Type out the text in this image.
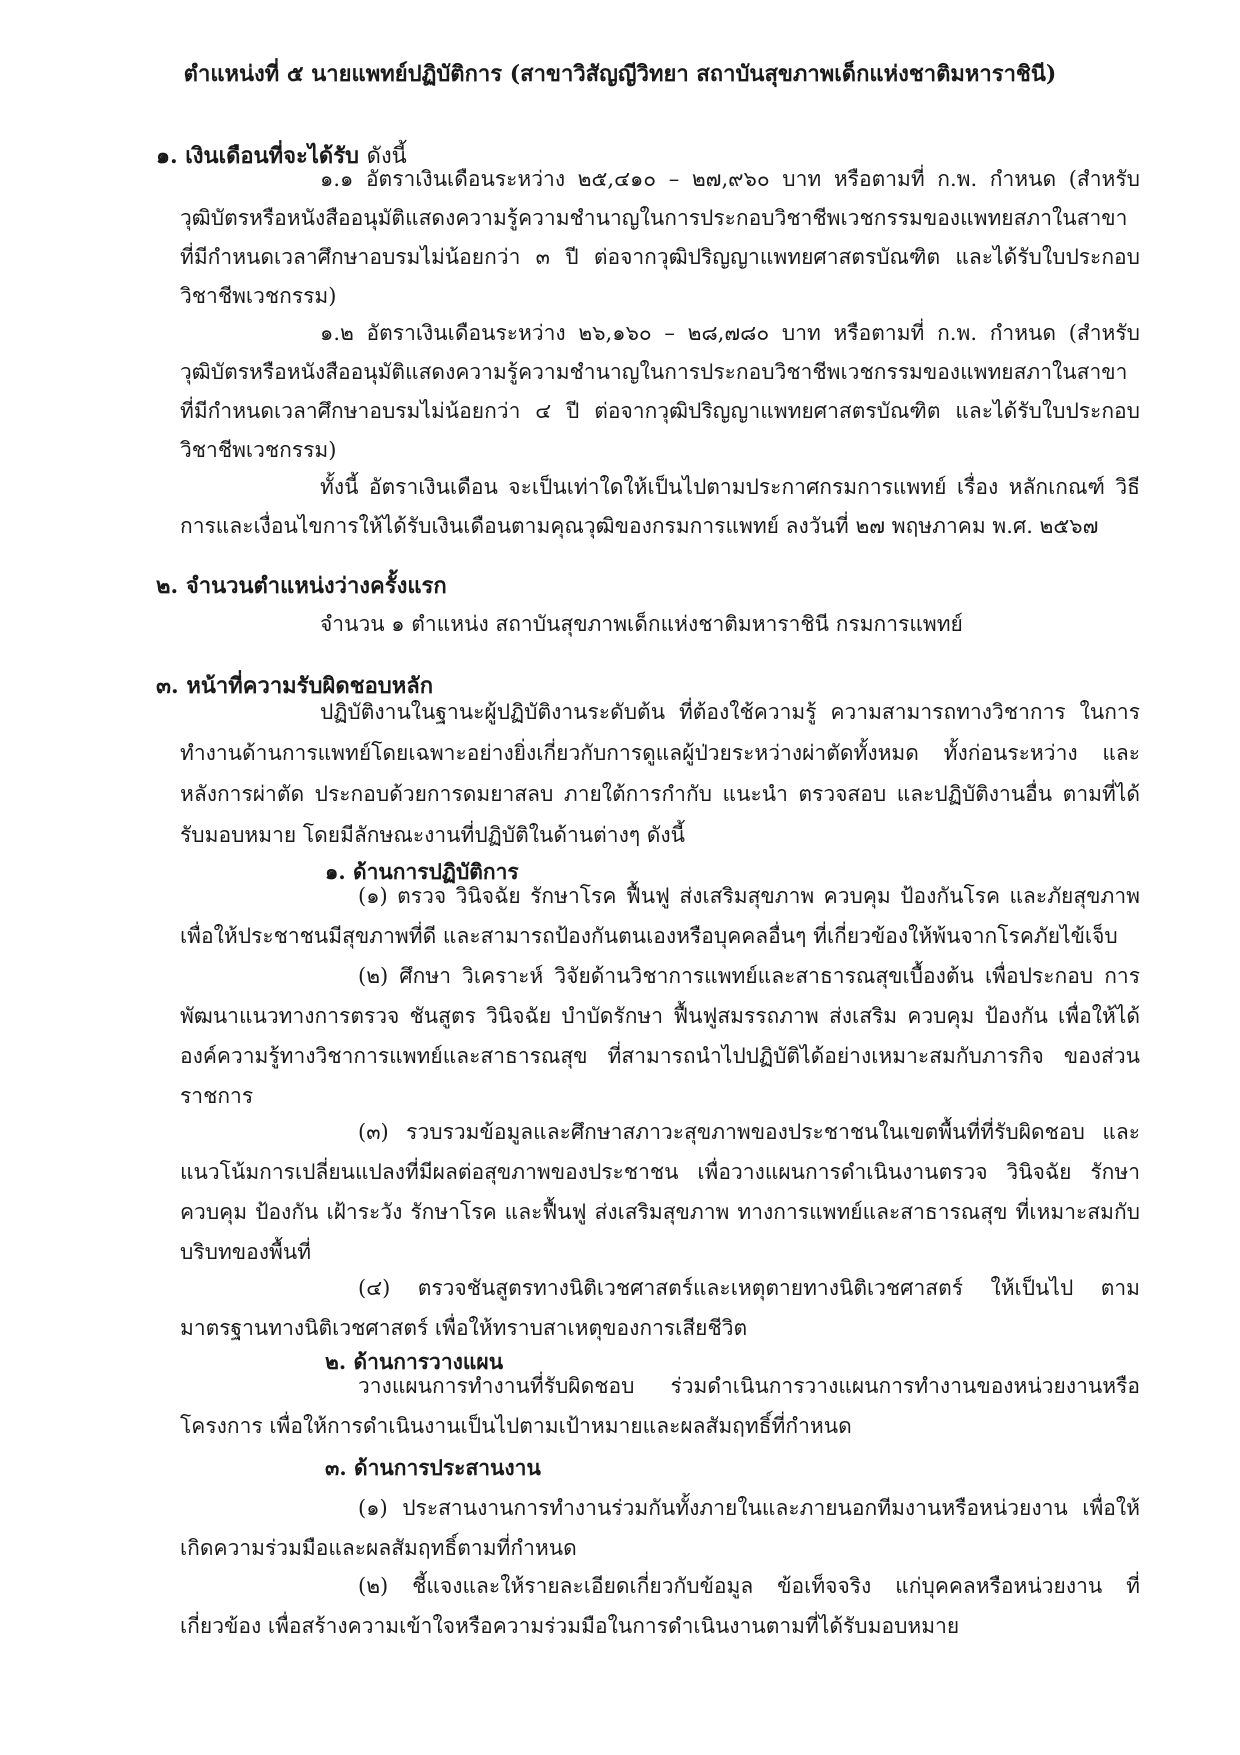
ตำแหน่งที่ ๕ นายแพทย์ปฏิบัติการ (สาขาวิสัญญีวิทยา สถาบันสุขภาพเด็กแห่งชาติมหาราชินี)
๑. เงินเดือนที่จะได้รับ ดังนี้
๑.๑ อัตราเงินเดือนระหว่าง ๒๕,๔๑๐ – ๒๗,๙๖๐ บาท หรือตามที่ ก.พ. กำหนด (สำหรับวุฒิบัตรหรือหนังสืออนุมัติแสดงความรู้ความชำนาญในการประกอบวิชาชีพเวชกรรมของแพทยสภาในสาขาที่มีกำหนดเวลาศึกษาอบรมไม่น้อยกว่า ๓ ปี ต่อจากวุฒิปริญญาแพทยศาสตรบัณฑิต และได้รับใบประกอบวิชาชีพเวชกรรม)
๑.๒ อัตราเงินเดือนระหว่าง ๒๖,๑๖๐ – ๒๘,๗๘๐ บาท หรือตามที่ ก.พ. กำหนด (สำหรับวุฒิบัตรหรือหนังสืออนุมัติแสดงความรู้ความชำนาญในการประกอบวิชาชีพเวชกรรมของแพทยสภาในสาขาที่มีกำหนดเวลาศึกษาอบรมไม่น้อยกว่า ๔ ปี ต่อจากวุฒิปริญญาแพทยศาสตรบัณฑิต และได้รับใบประกอบวิชาชีพเวชกรรม)
ทั้งนี้ อัตราเงินเดือน จะเป็นเท่าใดให้เป็นไปตามประกาศกรมการแพทย์ เรื่อง หลักเกณฑ์ วิธีการและเงื่อนไขการให้ได้รับเงินเดือนตามคุณวุฒิของกรมการแพทย์ ลงวันที่ ๒๗ พฤษภาคม พ.ศ. ๒๕๖๗
๒. จำนวนตำแหน่งว่างครั้งแรก
จำนวน ๑ ตำแหน่ง สถาบันสุขภาพเด็กแห่งชาติมหาราชินี กรมการแพทย์
๓. หน้าที่ความรับผิดชอบหลัก
ปฏิบัติงานในฐานะผู้ปฏิบัติงานระดับต้น ที่ต้องใช้ความรู้ ความสามารถทางวิชาการ ในการทำงานด้านการแพทย์โดยเฉพาะอย่างยิ่งเกี่ยวกับการดูแลผู้ป่วยระหว่างผ่าตัดทั้งหมด ทั้งก่อนระหว่าง และหลังการผ่าตัด ประกอบด้วยการดมยาสลบ ภายใต้การกำกับ แนะนำ ตรวจสอบ และปฏิบัติงานอื่น ตามที่ได้รับมอบหมาย โดยมีลักษณะงานที่ปฏิบัติในด้านต่างๆ ดังนี้
๑. ด้านการปฏิบัติการ
(๑) ตรวจ วินิจฉัย รักษาโรค ฟื้นฟู ส่งเสริมสุขภาพ ควบคุม ป้องกันโรค และภัยสุขภาพ เพื่อให้ประชาชนมีสุขภาพที่ดี และสามารถป้องกันตนเองหรือบุคคลอื่นๆ ที่เกี่ยวข้องให้พ้นจากโรคภัยไข้เจ็บ
(๒) ศึกษา วิเคราะห์ วิจัยด้านวิชาการแพทย์และสาธารณสุขเบื้องต้น เพื่อประกอบ การพัฒนาแนวทางการตรวจ ชันสูตร วินิจฉัย บำบัดรักษา ฟื้นฟูสมรรถภาพ ส่งเสริม ควบคุม ป้องกัน เพื่อให้ได้องค์ความรู้ทางวิชาการแพทย์และสาธารณสุข ที่สามารถนำไปปฏิบัติได้อย่างเหมาะสมกับภารกิจ ของส่วนราชการ
(๓) รวบรวมข้อมูลและศึกษาสภาวะสุขภาพของประชาชนในเขตพื้นที่ที่รับผิดชอบ และแนวโน้มการเปลี่ยนแปลงที่มีผลต่อสุขภาพของประชาชน เพื่อวางแผนการดำเนินงานตรวจ วินิจฉัย รักษา ควบคุม ป้องกัน เฝ้าระวัง รักษาโรค และฟื้นฟู ส่งเสริมสุขภาพ ทางการแพทย์และสาธารณสุข ที่เหมาะสมกับบริบทของพื้นที่
(๔) ตรวจชันสูตรทางนิติเวชศาสตร์และเหตุตายทางนิติเวชศาสตร์ ให้เป็นไป ตามมาตรฐานทางนิติเวชศาสตร์ เพื่อให้ทราบสาเหตุของการเสียชีวิต
๒. ด้านการวางแผน
วางแผนการทำงานที่รับผิดชอบ ร่วมดำเนินการวางแผนการทำงานของหน่วยงานหรือ โครงการ เพื่อให้การดำเนินงานเป็นไปตามเป้าหมายและผลสัมฤทธิ์ที่กำหนด
๓. ด้านการประสานงาน
(๑) ประสานงานการทำงานร่วมกันทั้งภายในและภายนอกทีมงานหรือหน่วยงาน เพื่อให้เกิดความร่วมมือและผลสัมฤทธิ์ตามที่กำหนด
(๒) ชี้แจงและให้รายละเอียดเกี่ยวกับข้อมูล ข้อเท็จจริง แก่บุคคลหรือหน่วยงาน ที่เกี่ยวข้อง เพื่อสร้างความเข้าใจหรือความร่วมมือในการดำเนินงานตามที่ได้รับมอบหมาย
